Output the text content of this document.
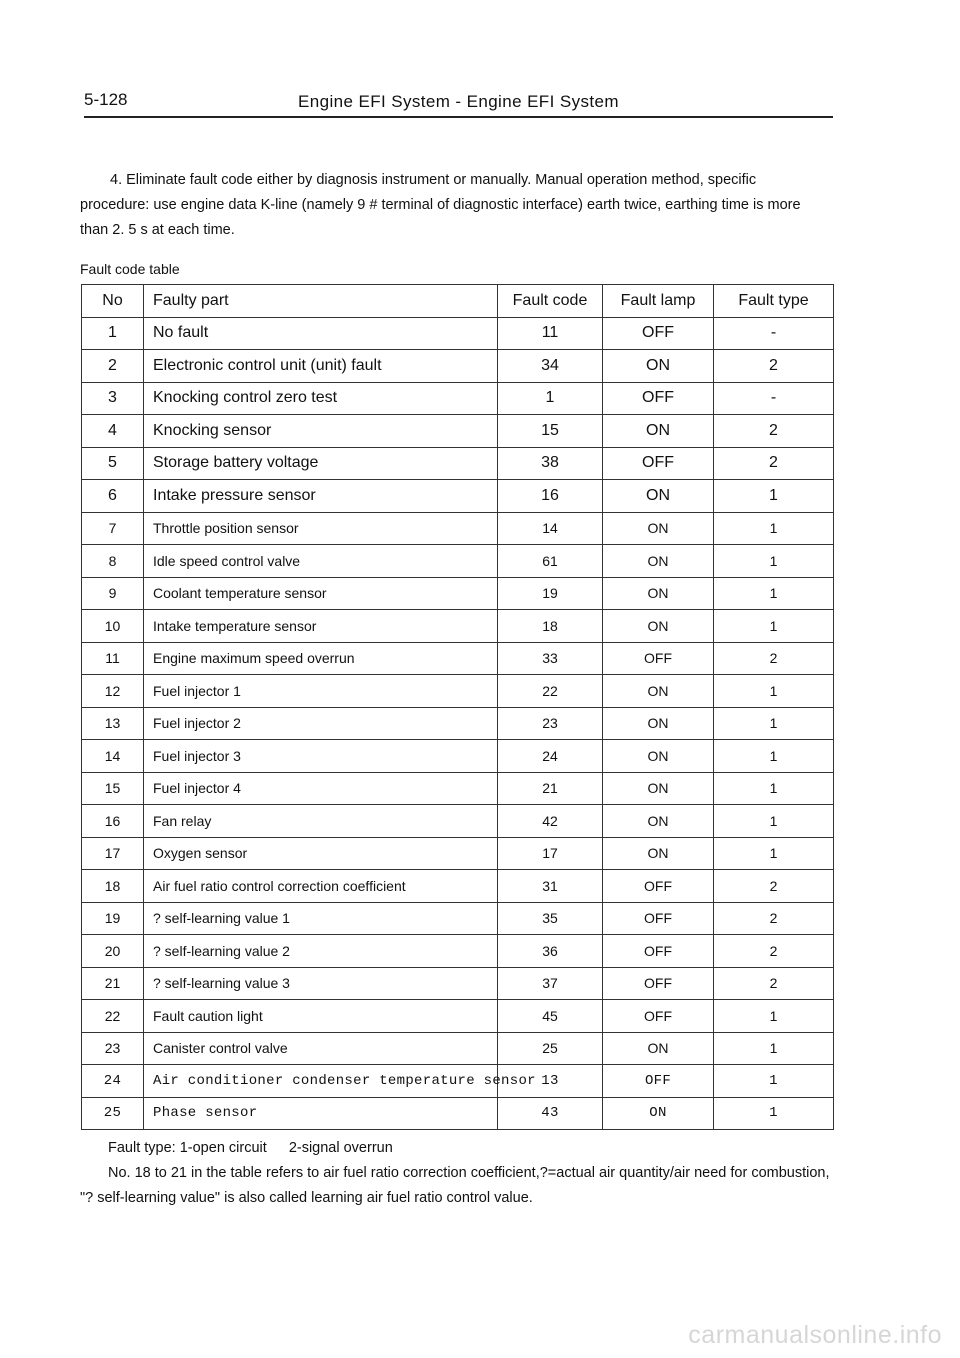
5-128	Engine EFI System - Engine EFI System

4. Eliminate fault code either by diagnosis instrument or manually. Manual operation method, specific

procedure: use engine data K-line (namely 9 # terminal of diagnostic interface) earth twice, earthing time is more than 2. 5 s at each time.
Fault code table
No	Faulty part	Fault code	Fault lamp	Fault type
1	No fault	11	OFF	-
2	Electronic control unit (unit) fault	34	ON	2
3	Knocking control zero test	1	OFF	-
4	Knocking sensor	15	ON	2
5	Storage battery voltage	38	OFF	2
6	Intake pressure sensor	16	ON	1
7	Throttle position sensor	14	ON	1
8	Idle speed control valve	61	ON	1
9	Coolant temperature sensor	19	ON	1
10	Intake temperature sensor	18	ON	1
11	Engine maximum speed overrun	33	OFF	2
12	Fuel injector 1	22	ON	1
13	Fuel injector 2	23	ON	1
14	Fuel injector 3	24	ON	1
15	Fuel injector 4	21	ON	1
16	Fan relay	42	ON	1
17	Oxygen sensor	17	ON	1
18	Air fuel ratio control correction coefficient	31	OFF	2
19	? self-learning value 1	35	OFF	2
20	? self-learning value 2	36	OFF	2
21	? self-learning value 3	37	OFF	2
22	Fault caution light	45	OFF	1
23	Canister control valve	25	ON	1
24	Air conditioner condenser temperature sensor	13	OFF	1
25	Phase sensor	43	ON	1

Fault type: 1-open circuit 2-signal overrun

No. 18 to 21 in the table refers to air fuel ratio correction coefficient,?=actual air quantity/air need for combustion, "? self-learning value" is also called learning air fuel ratio control value.

carmanualsonline.info
